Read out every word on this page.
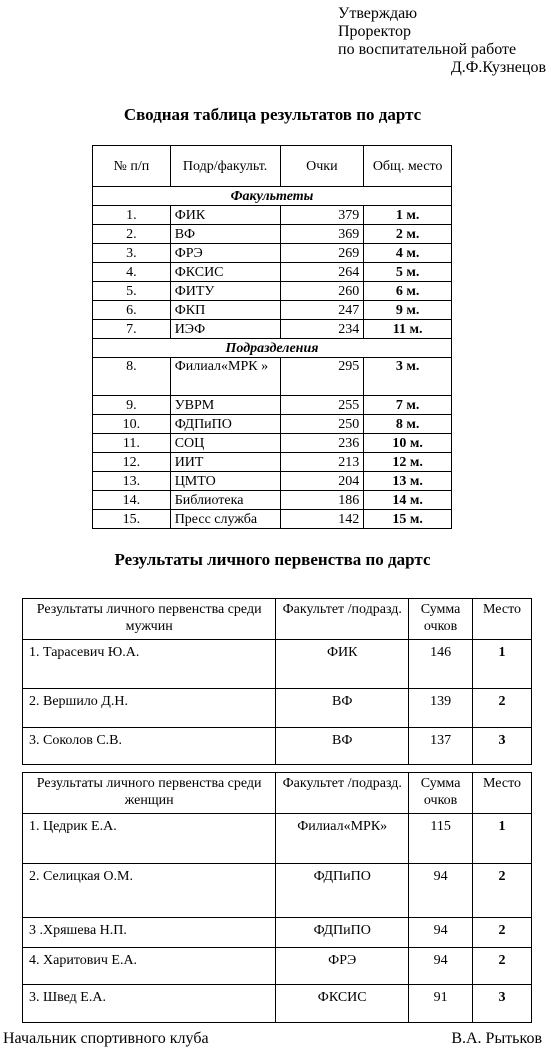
Утверждаю
Проректор
по воспитательной работе
Д.Ф.Кузнецов
Сводная таблица результатов по дартс
№ п/п	Подр/факульт.	Очки	Общ. место
Факультеты			
1.	ФИК	379	1 м.
2.	ВФ	369	2 м.
3.	ФРЭ	269	4 м.
4.	ФКСИС	264	5 м.
5.	ФИТУ	260	6 м.
6.	ФКП	247	9 м.
7.	ИЭФ	234	11 м.
Подразделения			
8.	Филиал«МРК »	295	3 м.
9.	УВРМ	255	7 м.
10.	ФДПиПО	250	8 м.
11.	СОЦ	236	10 м.
12.	ИИТ	213	12 м.
13.	ЦМТО	204	13 м.
14.	Библиотека	186	14 м.
15.	Пресс служба	142	15 м.
Результаты личного первенства по дартс
Результаты личного первенства среди мужчин	Факультет /подразд.	Сумма очков	Место
1. Тарасевич Ю.А.	ФИК	146	1
2. Вершило Д.Н.	ВФ	139	2
3. Соколов С.В.	ВФ	137	3
Результаты личного первенства среди женщин	Факультет /подразд.	Сумма очков	Место
1. Цедрик Е.А.	Филиал«МРК»	115	1
2. Селицкая О.М.	ФДПиПО	94	2
3 .Хряшева Н.П.	ФДПиПО	94	2
4. Харитович Е.А.	ФРЭ	94	2
3. Швед Е.А.	ФКСИС	91	3
Начальник спортивного клуба	В.А. Рытьков
